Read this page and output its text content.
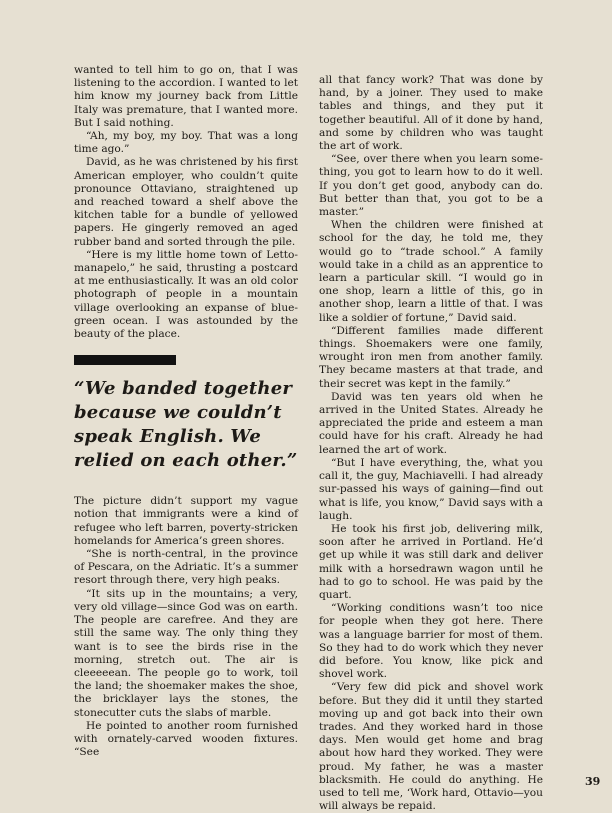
wanted to tell him to go on, that I was listening to the accordion. I wanted to let him know my journey back from Little Italy was premature, that I wanted more. But I said nothing.

“Ah, my boy, my boy. That was a long time ago.”

David, as he was christened by his first American employer, who couldn’t quite pronounce Ottaviano, straightened up and reached toward a shelf above the kitchen table for a bundle of yellowed papers. He gingerly removed an aged rubber band and sorted through the pile.

“Here is my little home town of Letto-manapelo,” he said, thrusting a postcard at me enthusiastically. It was an old color photograph of people in a mountain village overlooking an expanse of blue-green ocean. I was astounded by the beauty of the place.

“We banded together because we couldn’t speak English. We relied on each other.”

The picture didn’t support my vague notion that immigrants were a kind of refugee who left barren, poverty-stricken homelands for America’s green shores.

“She is north-central, in the province of Pescara, on the Adriatic. It’s a summer resort through there, very high peaks.

“It sits up in the mountains; a very, very old village—since God was on earth. The people are carefree. And they are still the same way. The only thing they want is to see the birds rise in the morning, stretch out. The air is cleeeeean. The people go to work, toil the land; the shoemaker makes the shoe, the bricklayer lays the stones, the stonecutter cuts the slabs of marble.

He pointed to another room furnished with ornately-carved wooden fixtures. “See

all that fancy work? That was done by hand, by a joiner. They used to make tables and things, and they put it together beautiful. All of it done by hand, and some by children who was taught the art of work.

“See, over there when you learn some-thing, you got to learn how to do it well. If you don’t get good, anybody can do. But better than that, you got to be a master.”

When the children were finished at school for the day, he told me, they would go to “trade school.” A family would take in a child as an apprentice to learn a particular skill. “I would go in one shop, learn a little of this, go in another shop, learn a little of that. I was like a soldier of fortune,” David said.

“Different families made different things. Shoemakers were one family, wrought iron men from another family. They became masters at that trade, and their secret was kept in the family.”

David was ten years old when he arrived in the United States. Already he appreciated the pride and esteem a man could have for his craft. Already he had learned the art of work.

“But I have everything, the, what you call it, the guy, Machiavelli. I had already sur-passed his ways of gaining—find out what is life, you know,” David says with a laugh.

He took his first job, delivering milk, soon after he arrived in Portland. He’d get up while it was still dark and deliver milk with a horsedrawn wagon until he had to go to school. He was paid by the quart.

“Working conditions wasn’t too nice for people when they got here. There was a language barrier for most of them. So they had to do work which they never did before. You know, like pick and shovel work.

“Very few did pick and shovel work before. But they did it until they started moving up and got back into their own trades. And they worked hard in those days. Men would get home and brag about how hard they worked. They were proud. My father, he was a master blacksmith. He could do anything. He used to tell me, ‘Work hard, Ottavio—you will always be repaid.

39
